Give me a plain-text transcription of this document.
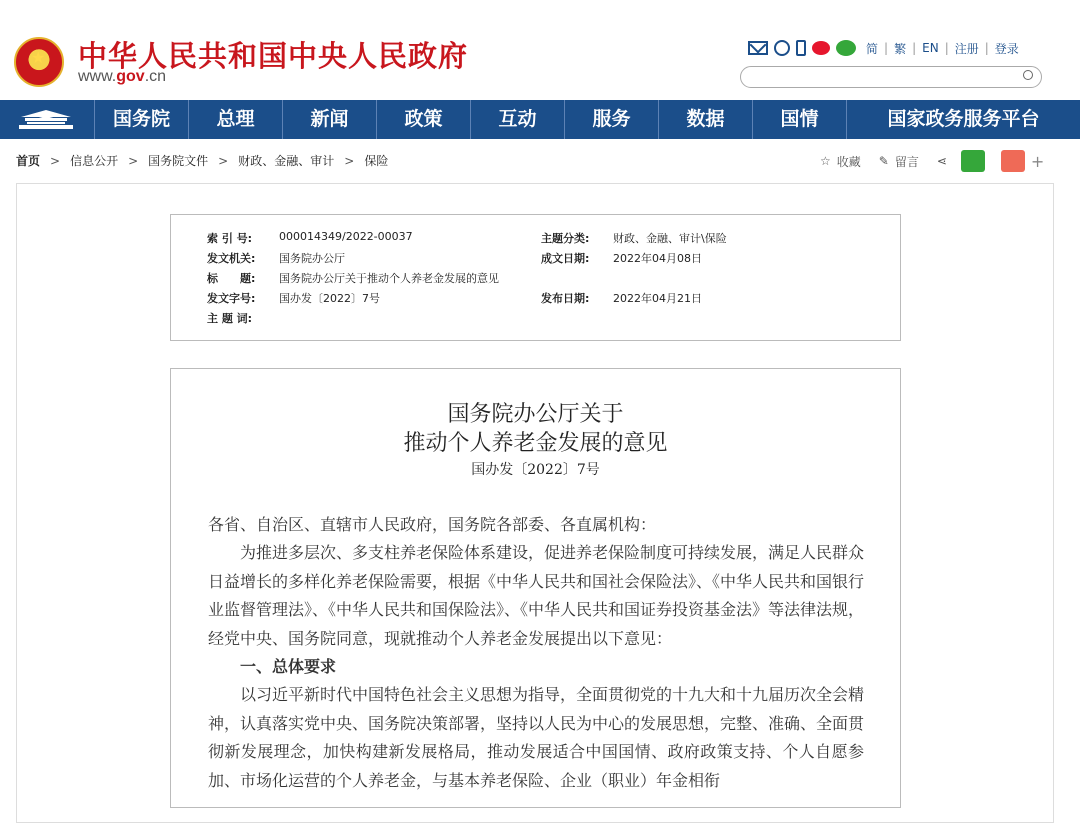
★
中华人民共和国中央人民政府
www.gov.cn
简 | 繁 | EN | 注册 | 登录
国务院	总理	新闻	政策	互动	服务	数据	国情	国家政务服务平台
首页 > 信息公开 > 国务院文件 > 财政、金融、审计 > 保险	☆ 收藏 ✎ 留言 ⋖	+
索 引 号:	000014349/2022-00037	主题分类:	财政、金融、审计\保险
发文机关:	国务院办公厅	成文日期:	2022年04月08日
标　　题:	国务院办公厅关于推动个人养老金发展的意见
发文字号:	国办发〔2022〕7号	发布日期:	2022年04月21日
主 题 词:
国务院办公厅关于
推动个人养老金发展的意见
国办发〔2022〕7号

各省、自治区、直辖市人民政府，国务院各部委、各直属机构：

为推进多层次、多支柱养老保险体系建设，促进养老保险制度可持续发展，满足人民群众日益增长的多样化养老保险需要，根据《中华人民共和国社会保险法》、《中华人民共和国银行业监督管理法》、《中华人民共和国保险法》、《中华人民共和国证券投资基金法》等法律法规，经党中央、国务院同意，现就推动个人养老金发展提出以下意见：

一、总体要求

以习近平新时代中国特色社会主义思想为指导，全面贯彻党的十九大和十九届历次全会精神，认真落实党中央、国务院决策部署，坚持以人民为中心的发展思想，完整、准确、全面贯彻新发展理念，加快构建新发展格局，推动发展适合中国国情、政府政策支持、个人自愿参加、市场化运营的个人养老金，与基本养老保险、企业（职业）年金相衔
